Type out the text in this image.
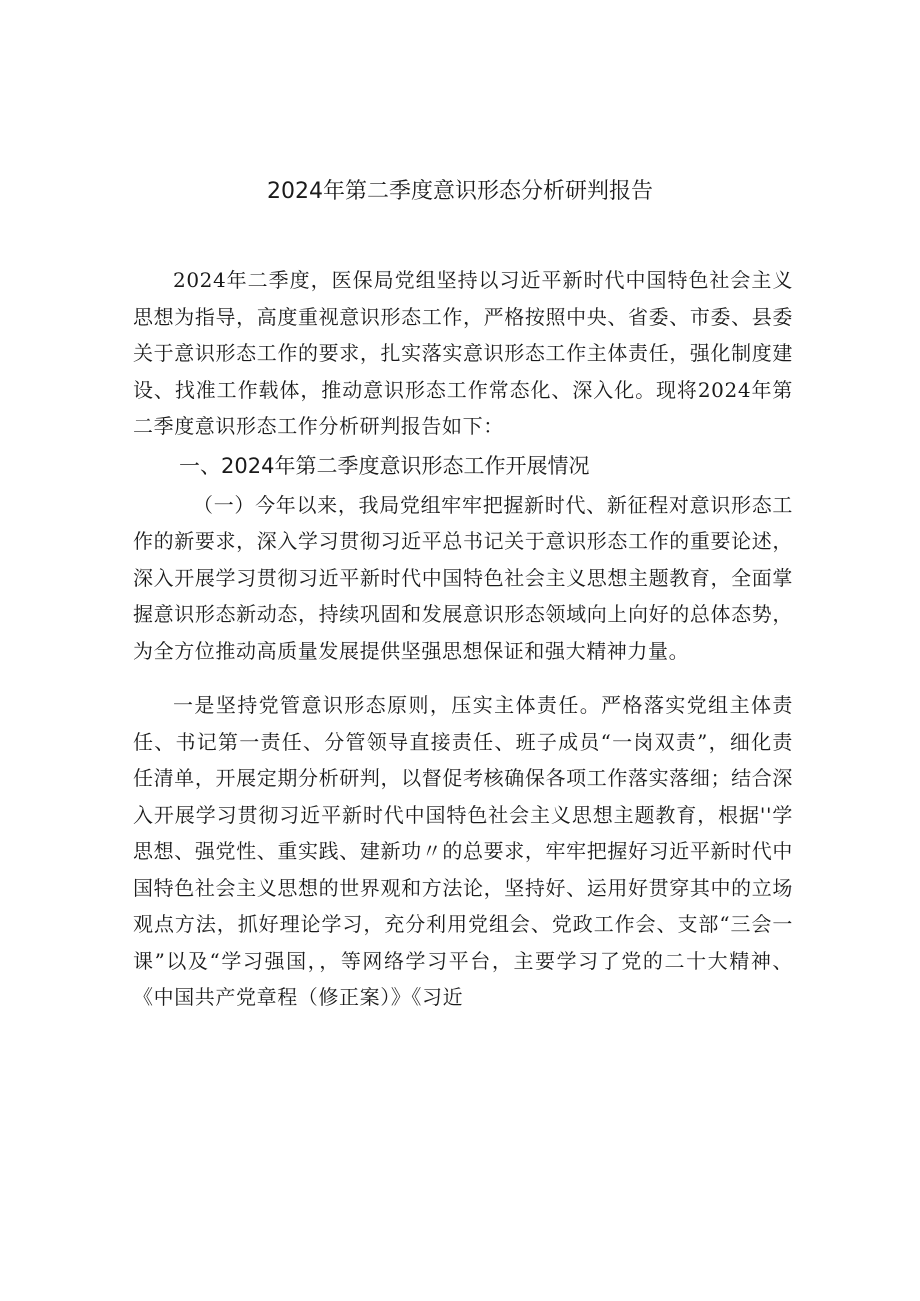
2024年第二季度意识形态分析研判报告

2024年二季度，医保局党组坚持以习近平新时代中国特色社会主义思想为指导，高度重视意识形态工作，严格按照中央、省委、市委、县委关于意识形态工作的要求，扎实落实意识形态工作主体责任，强化制度建设、找准工作载体，推动意识形态工作常态化、深入化。现将2024年第二季度意识形态工作分析研判报告如下：

一、2024年第二季度意识形态工作开展情况

（一）今年以来，我局党组牢牢把握新时代、新征程对意识形态工作的新要求，深入学习贯彻习近平总书记关于意识形态工作的重要论述，深入开展学习贯彻习近平新时代中国特色社会主义思想主题教育，全面掌握意识形态新动态，持续巩固和发展意识形态领域向上向好的总体态势，为全方位推动高质量发展提供坚强思想保证和强大精神力量。

一是坚持党管意识形态原则，压实主体责任。严格落实党组主体责任、书记第一责任、分管领导直接责任、班子成员“一岗双责”，细化责任清单，开展定期分析研判，以督促考核确保各项工作落实落细；结合深入开展学习贯彻习近平新时代中国特色社会主义思想主题教育，根据''学思想、强党性、重实践、建新功〃的总要求，牢牢把握好习近平新时代中国特色社会主义思想的世界观和方法论，坚持好、运用好贯穿其中的立场观点方法，抓好理论学习，充分利用党组会、党政工作会、支部“三会一课”以及“学习强国，，等网络学习平台，主要学习了党的二十大精神、《中国共产党章程（修正案）》《习近
